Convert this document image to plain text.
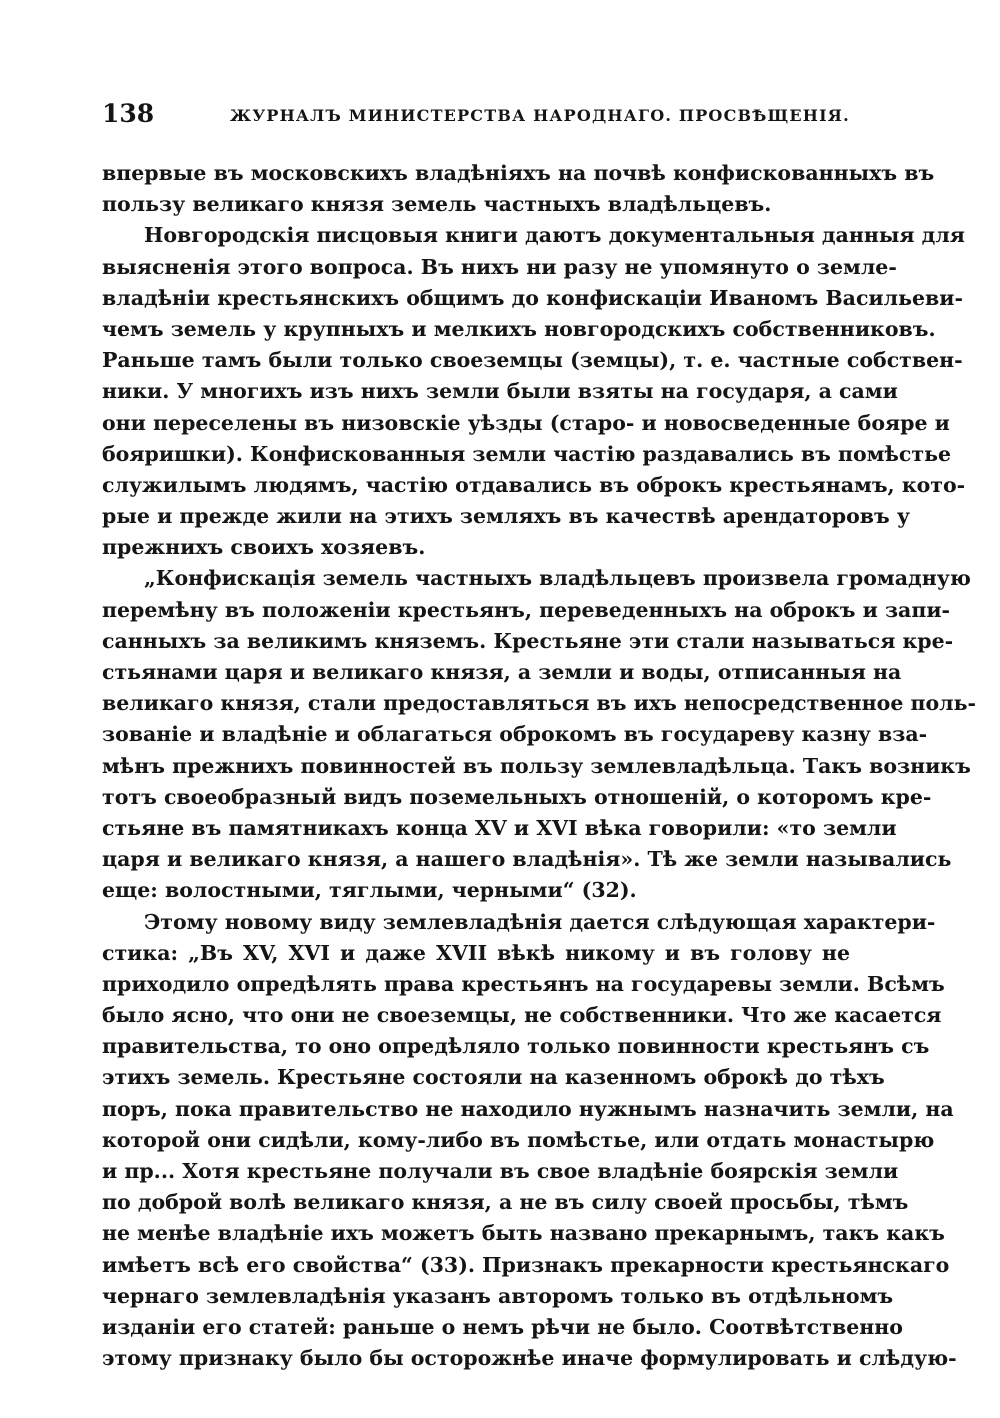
138	ЖУРНАЛЪ МИНИСТЕРСТВА НАРОДНАГО. ПРОСВѢЩЕНІЯ.
впервые въ московскихъ владѣніяхъ на почвѣ конфискованныхъ въ
пользу великаго князя земель частныхъ владѣльцевъ.
Новгородскія писцовыя книги даютъ документальныя данныя для
выясненія этого вопроса. Въ нихъ ни разу не упомянуто о земле-
владѣніи крестьянскихъ общимъ до конфискаціи Иваномъ Васильеви-
чемъ земель у крупныхъ и мелкихъ новгородскихъ собственниковъ.
Раньше тамъ были только своеземцы (земцы), т. е. частные собствен-
ники. У многихъ изъ нихъ земли были взяты на государя, а сами
они переселены въ низовскіе уѣзды (старо- и новосведенные бояре и
бояришки). Конфискованныя земли частію раздавались въ помѣстье
служилымъ людямъ, частію отдавались въ оброкъ крестьянамъ, кото-
рые и прежде жили на этихъ земляхъ въ качествѣ арендаторовъ у
прежнихъ своихъ хозяевъ.
„Конфискація земель частныхъ владѣльцевъ произвела громадную
перемѣну въ положеніи крестьянъ, переведенныхъ на оброкъ и запи-
санныхъ за великимъ княземъ. Крестьяне эти стали называться кре-
стьянами царя и великаго князя, а земли и воды, отписанныя на
великаго князя, стали предоставляться въ ихъ непосредственное поль-
зованіе и владѣніе и облагаться оброкомъ въ государеву казну вза-
мѣнъ прежнихъ повинностей въ пользу землевладѣльца. Такъ возникъ
тотъ своеобразный видъ поземельныхъ отношеній, о которомъ кре-
стьяне въ памятникахъ конца XV и XVI вѣка говорили: «то земли
царя и великаго князя, а нашего владѣнія». Тѣ же земли назывались
еще: волостными, тяглыми, черными“ (32).
Этому новому виду землевладѣнія дается слѣдующая характери-
стика: „Въ XV, XVI и даже XVII вѣкѣ никому и въ голову не
приходило опредѣлять права крестьянъ на государевы земли. Всѣмъ
было ясно, что они не своеземцы, не собственники. Что же касается
правительства, то оно опредѣляло только повинности крестьянъ съ
этихъ земель. Крестьяне состояли на казенномъ оброкѣ до тѣхъ
поръ, пока правительство не находило нужнымъ назначить земли, на
которой они сидѣли, кому-либо въ помѣстье, или отдать монастырю
и пр... Хотя крестьяне получали въ свое владѣніе боярскія земли
по доброй волѣ великаго князя, а не въ силу своей просьбы, тѣмъ
не менѣе владѣніе ихъ можетъ быть названо прекарнымъ, такъ какъ
имѣетъ всѣ его свойства“ (33). Признакъ прекарности крестьянскаго
чернаго землевладѣнія указанъ авторомъ только въ отдѣльномъ
изданіи его статей: раньше о немъ рѣчи не было. Соотвѣтственно
этому признаку было бы осторожнѣе иначе формулировать и слѣдую-
